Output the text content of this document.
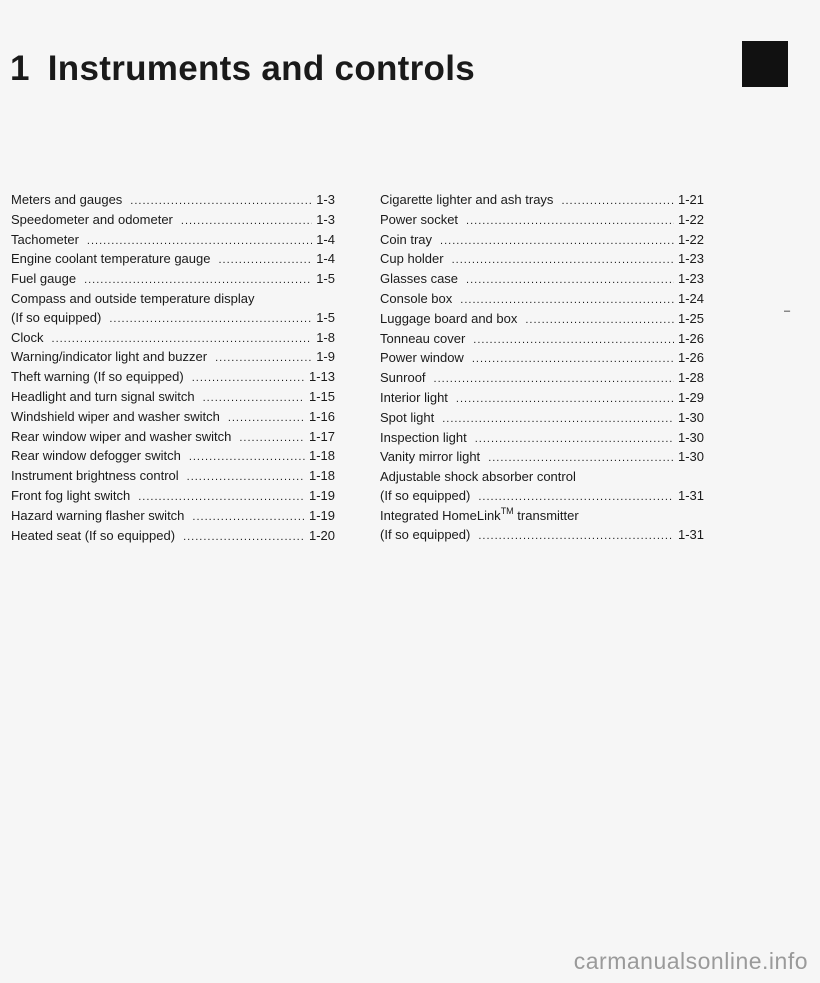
1 Instruments and controls
Meters and gauges .....	1-3
Speedometer and odometer .....	1-3
Tachometer .....	1-4
Engine coolant temperature gauge .....	1-4
Fuel gauge .....	1-5
Compass and outside temperature display
(If so equipped) .....	1-5
Clock .....	1-8
Warning/indicator light and buzzer .....	1-9
Theft warning (If so equipped) .....	1-13
Headlight and turn signal switch .....	1-15
Windshield wiper and washer switch .....	1-16
Rear window wiper and washer switch .....	1-17
Rear window defogger switch .....	1-18
Instrument brightness control .....	1-18
Front fog light switch .....	1-19
Hazard warning flasher switch .....	1-19
Heated seat (If so equipped) .....	1-20
Cigarette lighter and ash trays .....	1-21
Power socket .....	1-22
Coin tray .....	1-22
Cup holder .....	1-23
Glasses case .....	1-23
Console box .....	1-24
Luggage board and box .....	1-25
Tonneau cover .....	1-26
Power window .....	1-26
Sunroof .....	1-28
Interior light .....	1-29
Spot light .....	1-30
Inspection light .....	1-30
Vanity mirror light .....	1-30
Adjustable shock absorber control
(If so equipped) .....	1-31
Integrated HomeLink™ transmitter
(If so equipped) .....	1-31
–
carmanualsonline.info
